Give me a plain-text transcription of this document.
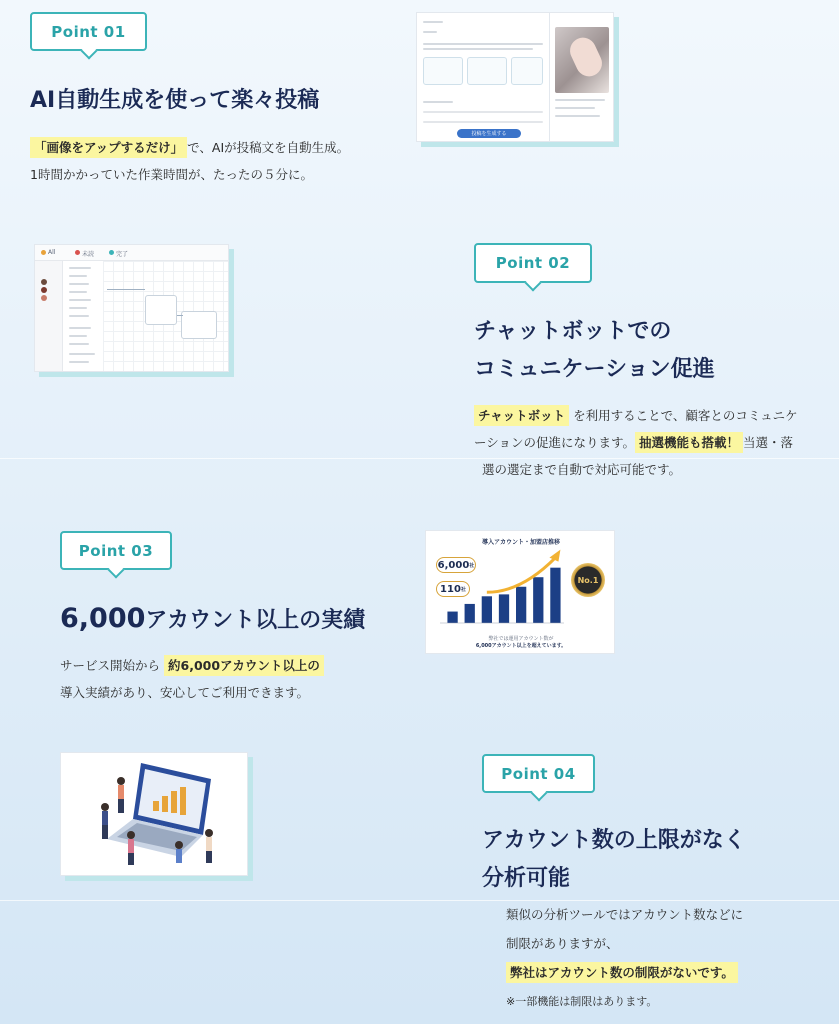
Point 01
AI自動生成を使って楽々投稿
「画像をアップするだけ」 で、AIが投稿文を自動生成。
1時間かかっていた作業時間が、たったの５分に。
投稿を生成する
All	未読	完了	Point 02
チャットボットでの
コミュニケーション促進
チャットボット を利用することで、顧客とのコミュニケ
ーションの促進になります。 抽選機能も搭載！ 当選・落
選の選定まで自動で対応可能です。
Point 03
6,000アカウント以上の実績
サービス開始から 約6,000アカウント以上の
導入実績があり、安心してご利用できます。
導入アカウント・加盟店推移
6,000 社
110 社
No.1
弊社では運用アカウント数が
6,000アカウント以上を超えています。
Point 04
アカウント数の上限がなく
分析可能
類似の分析ツールではアカウント数などに
制限がありますが、
弊社はアカウント数の制限がないです。
※一部機能は制限はあります。
